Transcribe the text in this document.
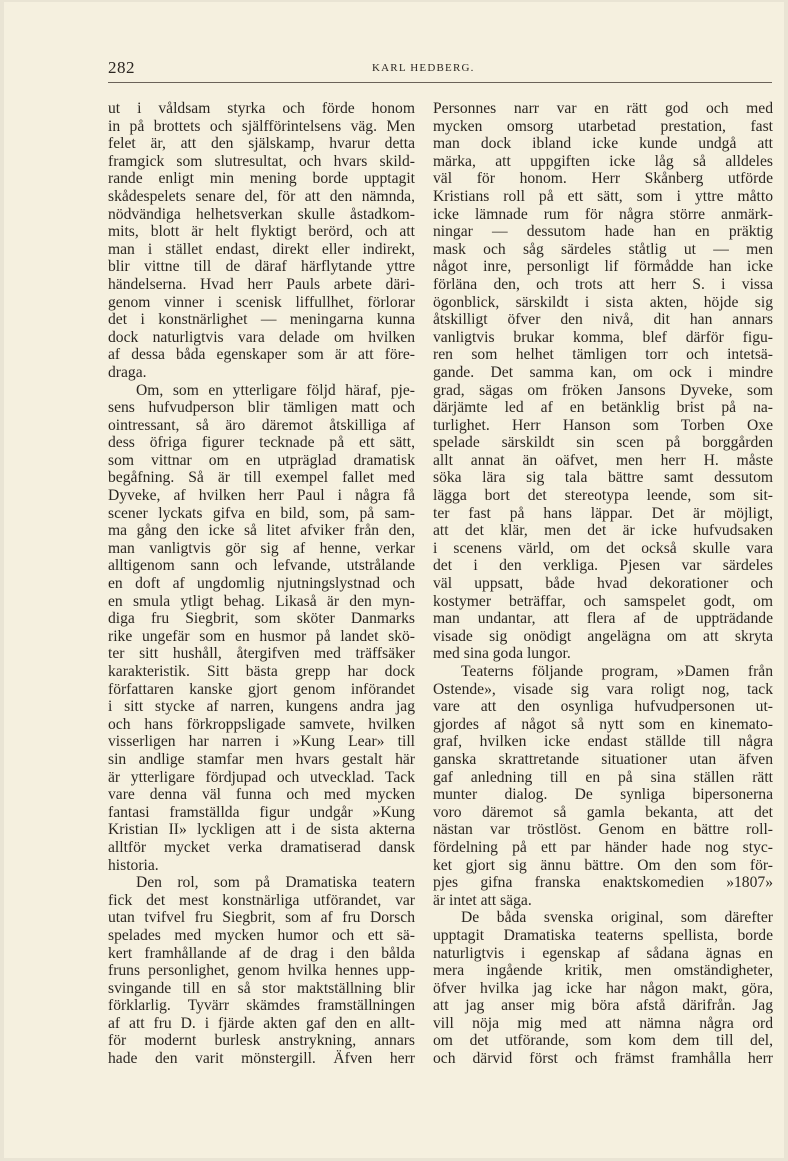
282	KARL HEDBERG.
ut i våldsam styrka och förde honom
in på brottets och själfförintelsens väg. Men
felet är, att den själskamp, hvarur detta
framgick som slutresultat, och hvars skild-
rande enligt min mening borde upptagit
skådespelets senare del, för att den nämnda,
nödvändiga helhetsverkan skulle åstadkom-
mits, blott är helt flyktigt berörd, och att
man i stället endast, direkt eller indirekt,
blir vittne till de däraf härflytande yttre
händelserna. Hvad herr Pauls arbete däri-
genom vinner i scenisk liffullhet, förlorar
det i konstnärlighet — meningarna kunna
dock naturligtvis vara delade om hvilken
af dessa båda egenskaper som är att före-
draga.
Om, som en ytterligare följd häraf, pje-
sens hufvudperson blir tämligen matt och
ointressant, så äro däremot åtskilliga af
dess öfriga figurer tecknade på ett sätt,
som vittnar om en utpräglad dramatisk
begåfning. Så är till exempel fallet med
Dyveke, af hvilken herr Paul i några få
scener lyckats gifva en bild, som, på sam-
ma gång den icke så litet afviker från den,
man vanligtvis gör sig af henne, verkar
alltigenom sann och lefvande, utstrålande
en doft af ungdomlig njutningslystnad och
en smula ytligt behag. Likaså är den myn-
diga fru Siegbrit, som sköter Danmarks
rike ungefär som en husmor på landet skö-
ter sitt hushåll, återgifven med träffsäker
karakteristik. Sitt bästa grepp har dock
författaren kanske gjort genom införandet
i sitt stycke af narren, kungens andra jag
och hans förkroppsligade samvete, hvilken
visserligen har narren i »Kung Lear» till
sin andlige stamfar men hvars gestalt här
är ytterligare fördjupad och utvecklad. Tack
vare denna väl funna och med mycken
fantasi framställda figur undgår »Kung
Kristian II» lyckligen att i de sista akterna
alltför mycket verka dramatiserad dansk
historia.
Den rol, som på Dramatiska teatern
fick det mest konstnärliga utförandet, var
utan tvifvel fru Siegbrit, som af fru Dorsch
spelades med mycken humor och ett sä-
kert framhållande af de drag i den bålda
fruns personlighet, genom hvilka hennes upp-
svingande till en så stor maktställning blir
förklarlig. Tyvärr skämdes framställningen
af att fru D. i fjärde akten gaf den en allt-
för modernt burlesk anstrykning, annars
hade den varit mönstergill. Äfven herr
Personnes narr var en rätt god och med
mycken omsorg utarbetad prestation, fast
man dock ibland icke kunde undgå att
märka, att uppgiften icke låg så alldeles
väl för honom. Herr Skånberg utförde
Kristians roll på ett sätt, som i yttre måtto
icke lämnade rum för några större anmärk-
ningar — dessutom hade han en präktig
mask och såg särdeles ståtlig ut — men
något inre, personligt lif förmådde han icke
förläna den, och trots att herr S. i vissa
ögonblick, särskildt i sista akten, höjde sig
åtskilligt öfver den nivå, dit han annars
vanligtvis brukar komma, blef därför figu-
ren som helhet tämligen torr och intetsä-
gande. Det samma kan, om ock i mindre
grad, sägas om fröken Jansons Dyveke, som
därjämte led af en betänklig brist på na-
turlighet. Herr Hanson som Torben Oxe
spelade särskildt sin scen på borggården
allt annat än oäfvet, men herr H. måste
söka lära sig tala bättre samt dessutom
lägga bort det stereotypa leende, som sit-
ter fast på hans läppar. Det är möjligt,
att det klär, men det är icke hufvudsaken
i scenens värld, om det också skulle vara
det i den verkliga. Pjesen var särdeles
väl uppsatt, både hvad dekorationer och
kostymer beträffar, och samspelet godt, om
man undantar, att flera af de uppträdande
visade sig onödigt angelägna om att skryta
med sina goda lungor.
Teaterns följande program, »Damen från
Ostende», visade sig vara roligt nog, tack
vare att den osynliga hufvudpersonen ut-
gjordes af något så nytt som en kinemato-
graf, hvilken icke endast ställde till några
ganska skrattretande situationer utan äfven
gaf anledning till en på sina ställen rätt
munter dialog. De synliga bipersonerna
voro däremot så gamla bekanta, att det
nästan var tröstlöst. Genom en bättre roll-
fördelning på ett par händer hade nog styc-
ket gjort sig ännu bättre. Om den som för-
pjes gifna franska enaktskomedien »1807»
är intet att säga.
De båda svenska original, som därefter
upptagit Dramatiska teaterns spellista, borde
naturligtvis i egenskap af sådana ägnas en
mera ingående kritik, men omständigheter,
öfver hvilka jag icke har någon makt, göra,
att jag anser mig böra afstå därifrån. Jag
vill nöja mig med att nämna några ord
om det utförande, som kom dem till del,
och därvid först och främst framhålla herr
